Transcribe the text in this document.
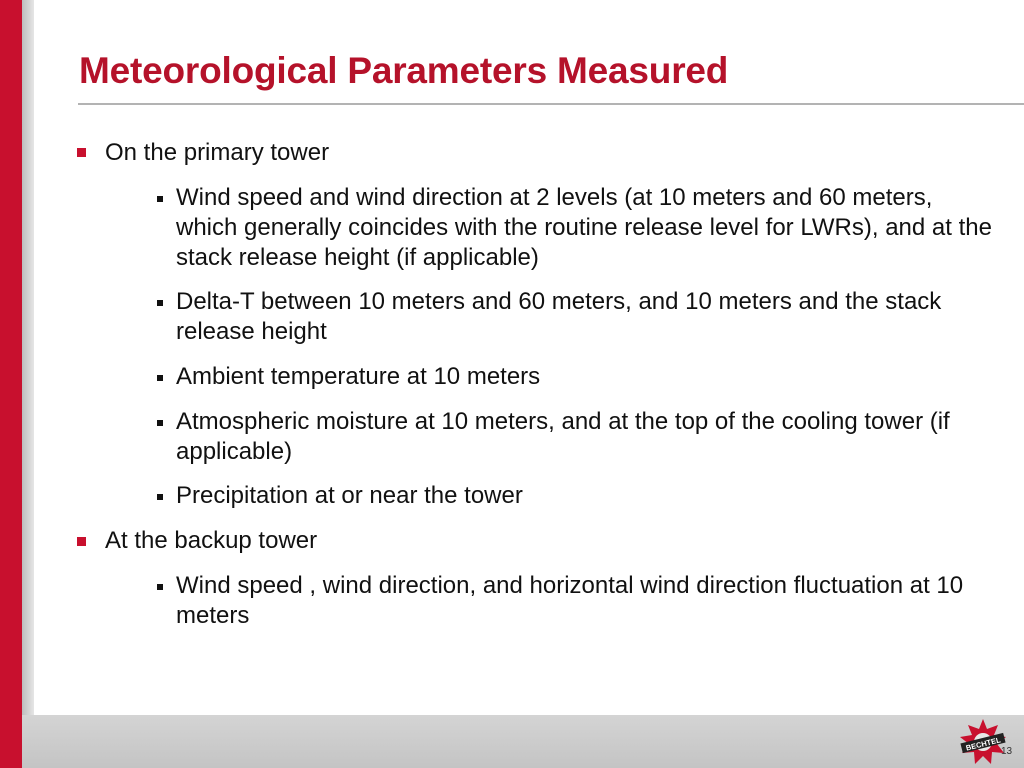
Meteorological Parameters Measured
On the primary tower
Wind speed and wind direction at 2 levels (at 10 meters and 60 meters, which generally coincides with the routine release level for LWRs), and at the stack release height (if applicable)
Delta-T between 10 meters and 60 meters, and 10 meters and the stack release height
Ambient temperature at 10 meters
Atmospheric moisture at 10 meters, and at the top of the cooling tower (if applicable)
Precipitation at or near the tower
At the backup tower
Wind speed , wind direction, and horizontal wind direction fluctuation at 10 meters
BECHTEL 13
